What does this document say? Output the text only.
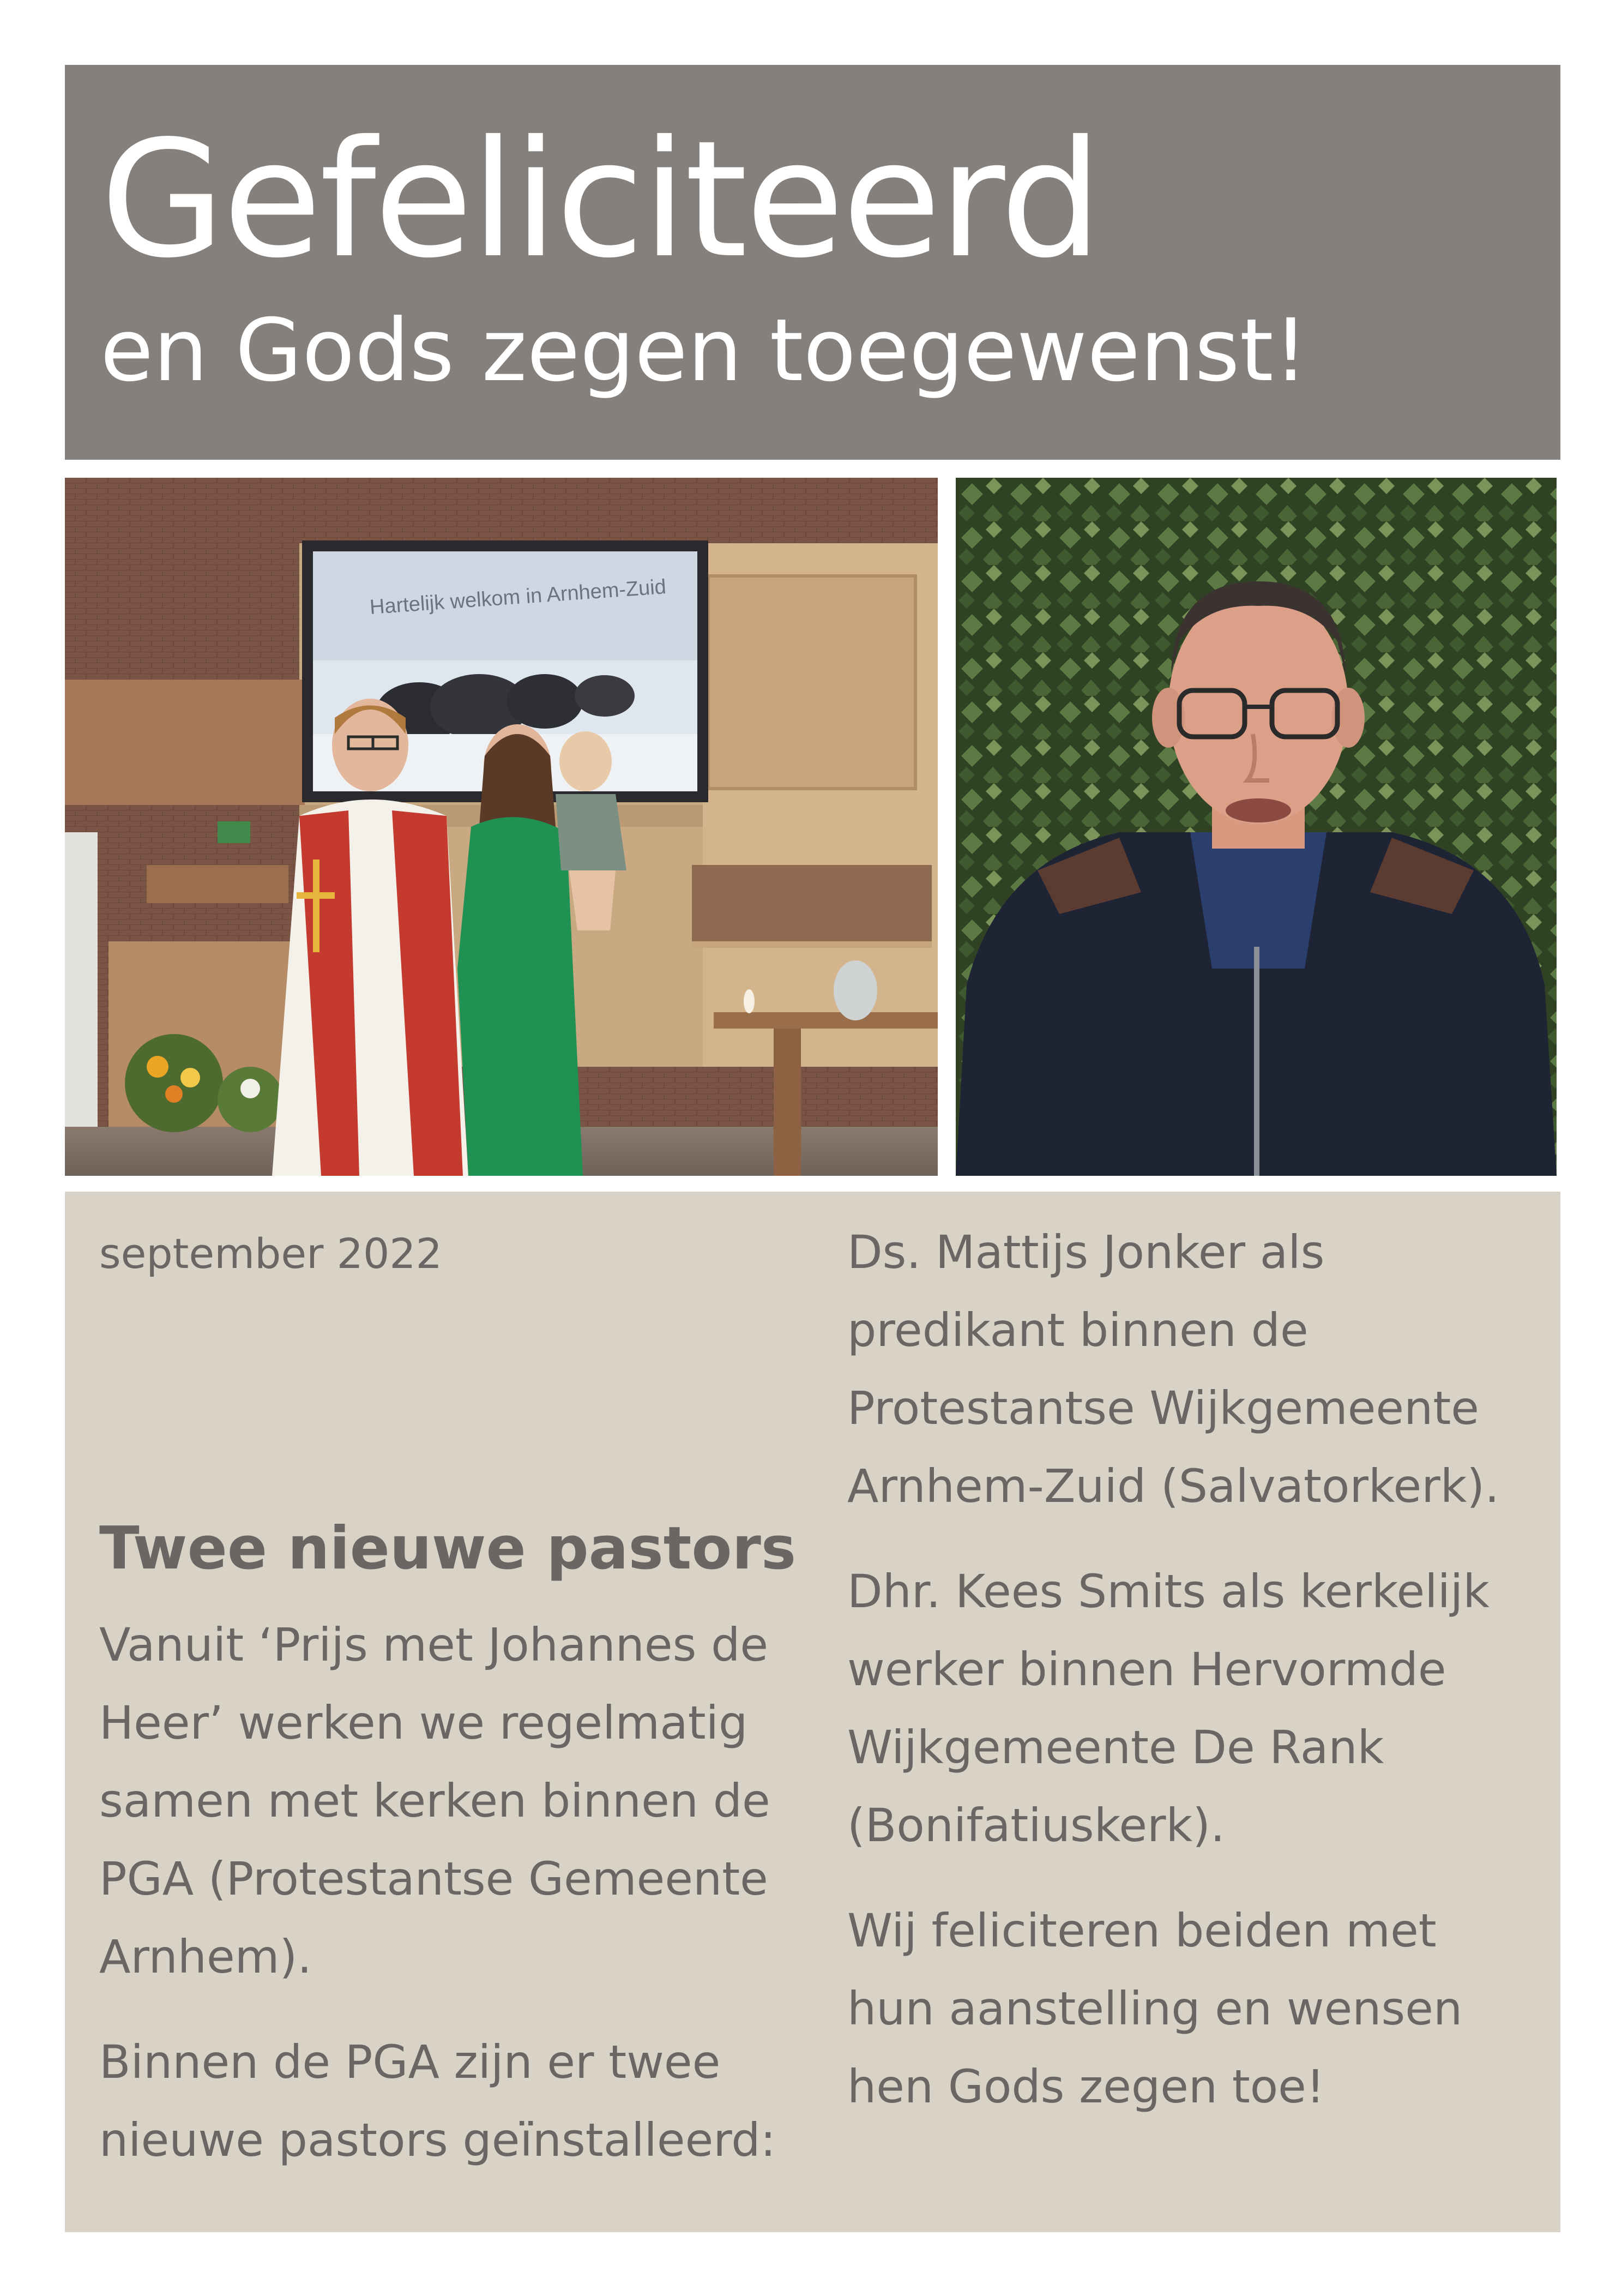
Gefeliciteerd
en Gods zegen toegewenst!
Hartelijk welkom in Arnhem-Zuid
september 2022
Twee nieuwe pastors

Vanuit ‘Prijs met Johannes de
Heer’ werken we regelmatig
samen met kerken binnen de
PGA (Protestantse Gemeente
Arnhem).

Binnen de PGA zijn er twee
nieuwe pastors geïnstalleerd:

Ds. Mattijs Jonker als
predikant binnen de
Protestantse Wijkgemeente
Arnhem-Zuid (Salvatorkerk).

Dhr. Kees Smits als kerkelijk
werker binnen Hervormde
Wijkgemeente De Rank
(Bonifatiuskerk).

Wij feliciteren beiden met
hun aanstelling en wensen
hen Gods zegen toe!
